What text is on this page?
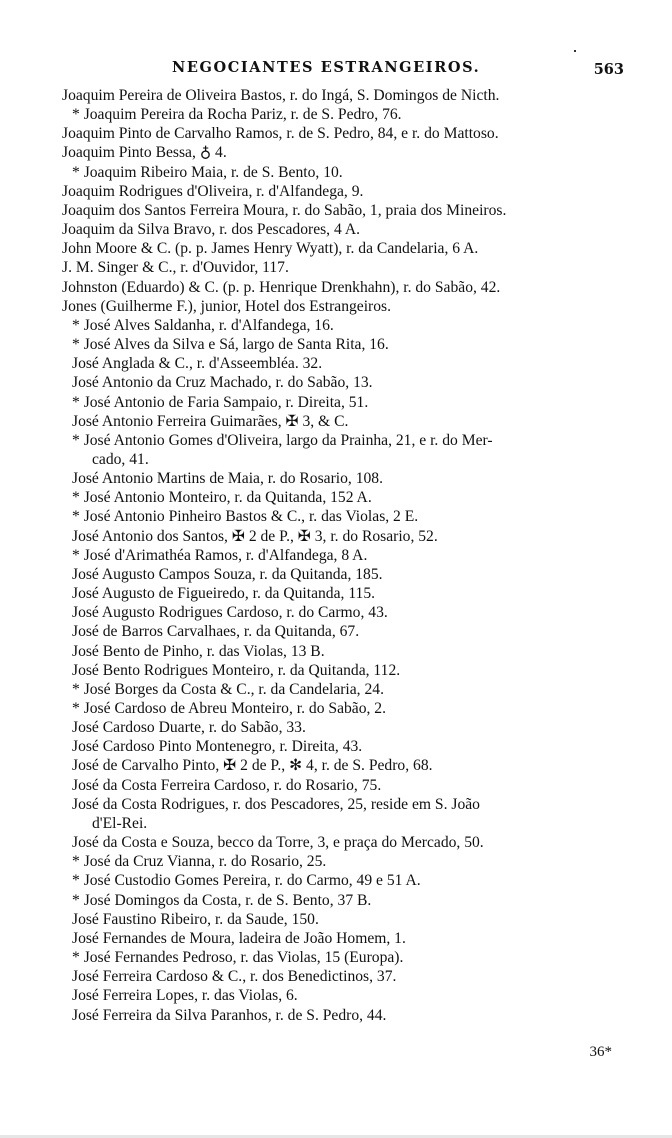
NEGOCIANTES ESTRANGEIROS.	563
Joaquim Pereira de Oliveira Bastos, r. do Ingá, S. Domingos de Nicth.
* Joaquim Pereira da Rocha Pariz, r. de S. Pedro, 76.
Joaquim Pinto de Carvalho Ramos, r. de S. Pedro, 84, e r. do Mattoso.
Joaquim Pinto Bessa, ♁ 4.
* Joaquim Ribeiro Maia, r. de S. Bento, 10.
Joaquim Rodrigues d'Oliveira, r. d'Alfandega, 9.
Joaquim dos Santos Ferreira Moura, r. do Sabão, 1, praia dos Mineiros.
Joaquim da Silva Bravo, r. dos Pescadores, 4 A.
John Moore & C. (p. p. James Henry Wyatt), r. da Candelaria, 6 A.
J. M. Singer & C., r. d'Ouvidor, 117.
Johnston (Eduardo) & C. (p. p. Henrique Drenkhahn), r. do Sabão, 42.
Jones (Guilherme F.), junior, Hotel dos Estrangeiros.
* José Alves Saldanha, r. d'Alfandega, 16.
* José Alves da Silva e Sá, largo de Santa Rita, 16.
José Anglada & C., r. d'Asseembléa. 32.
José Antonio da Cruz Machado, r. do Sabão, 13.
* José Antonio de Faria Sampaio, r. Direita, 51.
José Antonio Ferreira Guimarães, ✠ 3, & C.
* José Antonio Gomes d'Oliveira, largo da Prainha, 21, e r. do Mer-
cado, 41.
José Antonio Martins de Maia, r. do Rosario, 108.
* José Antonio Monteiro, r. da Quitanda, 152 A.
* José Antonio Pinheiro Bastos & C., r. das Violas, 2 E.
José Antonio dos Santos, ✠ 2 de P., ✠ 3, r. do Rosario, 52.
* José d'Arimathéa Ramos, r. d'Alfandega, 8 A.
José Augusto Campos Souza, r. da Quitanda, 185.
José Augusto de Figueiredo, r. da Quitanda, 115.
José Augusto Rodrigues Cardoso, r. do Carmo, 43.
José de Barros Carvalhaes, r. da Quitanda, 67.
José Bento de Pinho, r. das Violas, 13 B.
José Bento Rodrigues Monteiro, r. da Quitanda, 112.
* José Borges da Costa & C., r. da Candelaria, 24.
* José Cardoso de Abreu Monteiro, r. do Sabão, 2.
José Cardoso Duarte, r. do Sabão, 33.
José Cardoso Pinto Montenegro, r. Direita, 43.
José de Carvalho Pinto, ✠ 2 de P., ✻ 4, r. de S. Pedro, 68.
José da Costa Ferreira Cardoso, r. do Rosario, 75.
José da Costa Rodrigues, r. dos Pescadores, 25, reside em S. João
d'El-Rei.
José da Costa e Souza, becco da Torre, 3, e praça do Mercado, 50.
* José da Cruz Vianna, r. do Rosario, 25.
* José Custodio Gomes Pereira, r. do Carmo, 49 e 51 A.
* José Domingos da Costa, r. de S. Bento, 37 B.
José Faustino Ribeiro, r. da Saude, 150.
José Fernandes de Moura, ladeira de João Homem, 1.
* José Fernandes Pedroso, r. das Violas, 15 (Europa).
José Ferreira Cardoso & C., r. dos Benedictinos, 37.
José Ferreira Lopes, r. das Violas, 6.
José Ferreira da Silva Paranhos, r. de S. Pedro, 44.
36*
